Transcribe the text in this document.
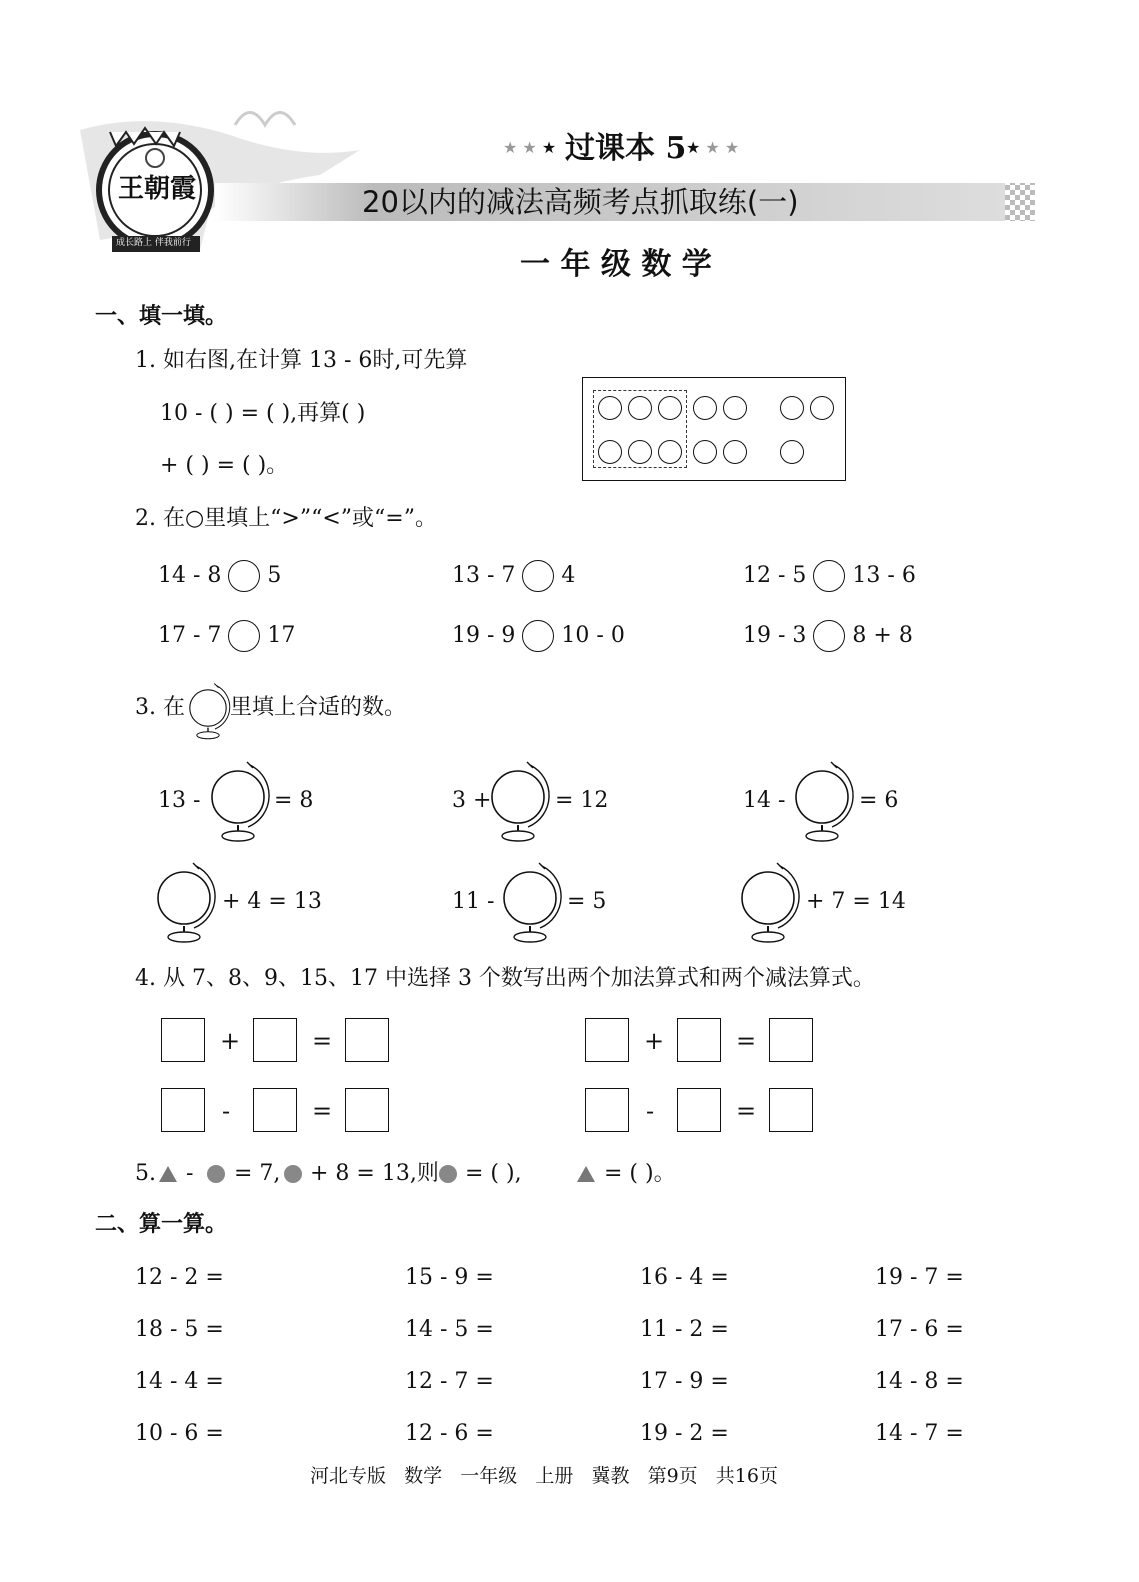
王朝霞
成长路上 伴我前行
★ ★ ★ 过课本 5 ★ ★ ★
20以内的减法高频考点抓取练(一)
一 年 级 数 学
一、填一填。
1. 如右图,在计算 13 - 6时,可先算
10 - ( ) = ( ),再算( )
+ ( ) = ( )。
2. 在○里填上“>”“<”或“=”。
14 - 8 5	13 - 7 4	12 - 5 13 - 6
17 - 7 17	19 - 9 10 - 0	19 - 3 8 + 8
3. 在 里填上合适的数。
13 -	= 8	3 +	= 12	14 -	= 6
+ 4 = 13	11 -	= 5	+ 7 = 14
4. 从 7、8、9、15、17 中选择 3 个数写出两个加法算式和两个减法算式。
+	=	+	=
-	=	-	=
5. - = 7, + 8 = 13,则 = ( ),	= ( )。
二、算一算。
12 - 2 =	15 - 9 =	16 - 4 =	19 - 7 =
18 - 5 =	14 - 5 =	11 - 2 =	17 - 6 =
14 - 4 =	12 - 7 =	17 - 9 =	14 - 8 =
10 - 6 =	12 - 6 =	19 - 2 =	14 - 7 =
河北专版   数学   一年级   上册   冀教   第9页   共16页
